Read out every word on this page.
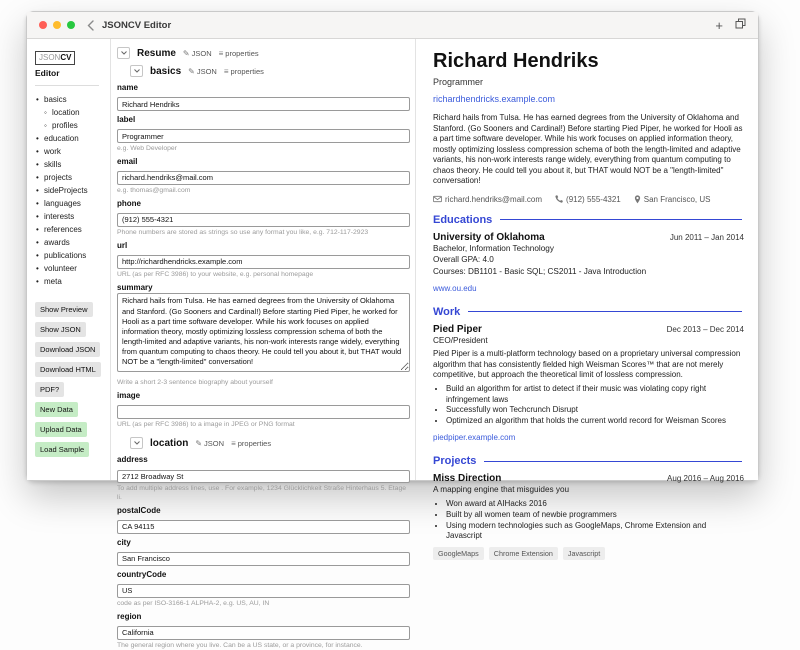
JSONCV Editor	+
JSONCV
Editor
• basics
◦ location
◦ profiles
• education
• work
• skills
• projects
• sideProjects
• languages
• interests
• references
• awards
• publications
• volunteer
• meta
Show Preview
Show JSON
Download JSON
Download HTML
PDF?
New Data
Upload Data
Load Sample
Resume ✎ JSON ≡ properties
basics ✎ JSON ≡ properties
name
Richard Hendriks
label
Programmer
e.g. Web Developer
email
richard.hendriks@mail.com
e.g. thomas@gmail.com
phone
(912) 555-4321
Phone numbers are stored as strings so use any format you like, e.g. 712-117-2923
url
http://richardhendricks.example.com
URL (as per RFC 3986) to your website, e.g. personal homepage
summary
Richard hails from Tulsa. He has earned degrees from the University of Oklahoma and Stanford. (Go Sooners and Cardinal!) Before starting Pied Piper, he worked for Hooli as a part time software developer. While his work focuses on applied information theory, mostly optimizing lossless compression schema of both the length-limited and adaptive variants, his non-work interests range widely, everything from quantum computing to chaos theory. He could tell you about it, but THAT would NOT be a "length-limited" conversation!
Write a short 2-3 sentence biography about yourself
image
URL (as per RFC 3986) to a image in JPEG or PNG format
location ✎ JSON ≡ properties
address
2712 Broadway St
To add multiple address lines, use . For example, 1234 Glücklichkeit Straße Hinterhaus 5. Etage li.
postalCode
CA 94115
city
San Francisco
countryCode
US
code as per ISO-3166-1 ALPHA-2, e.g. US, AU, IN
region
California
The general region where you live. Can be a US state, or a province, for instance.
Richard Hendriks
Programmer
richardhendricks.example.com
Richard hails from Tulsa. He has earned degrees from the University of Oklahoma and Stanford. (Go Sooners and Cardinal!) Before starting Pied Piper, he worked for Hooli as a part time software developer. While his work focuses on applied information theory, mostly optimizing lossless compression schema of both the length-limited and adaptive variants, his non-work interests range widely, everything from quantum computing to chaos theory. He could tell you about it, but THAT would NOT be a "length-limited" conversation!
richard.hendriks@mail.com	(912) 555-4321	San Francisco, US
Educations
University of Oklahoma	Jun 2011 – Jan 2014
Bachelor, Information Technology
Overall GPA: 4.0
Courses: DB1101 - Basic SQL; CS2011 - Java Introduction
www.ou.edu
Work
Pied Piper	Dec 2013 – Dec 2014
CEO/President
Pied Piper is a multi-platform technology based on a proprietary universal compression algorithm that has consistently fielded high Weisman Scores™ that are not merely competitive, but approach the theoretical limit of lossless compression.
• Build an algorithm for artist to detect if their music was violating copy right infringement laws
• Successfully won Techcrunch Disrupt
• Optimized an algorithm that holds the current world record for Weisman Scores
piedpiper.example.com
Projects
Miss Direction	Aug 2016 – Aug 2016
A mapping engine that misguides you
• Won award at AIHacks 2016
• Built by all women team of newbie programmers
• Using modern technologies such as GoogleMaps, Chrome Extension and Javascript
GoogleMaps	Chrome Extension	Javascript
